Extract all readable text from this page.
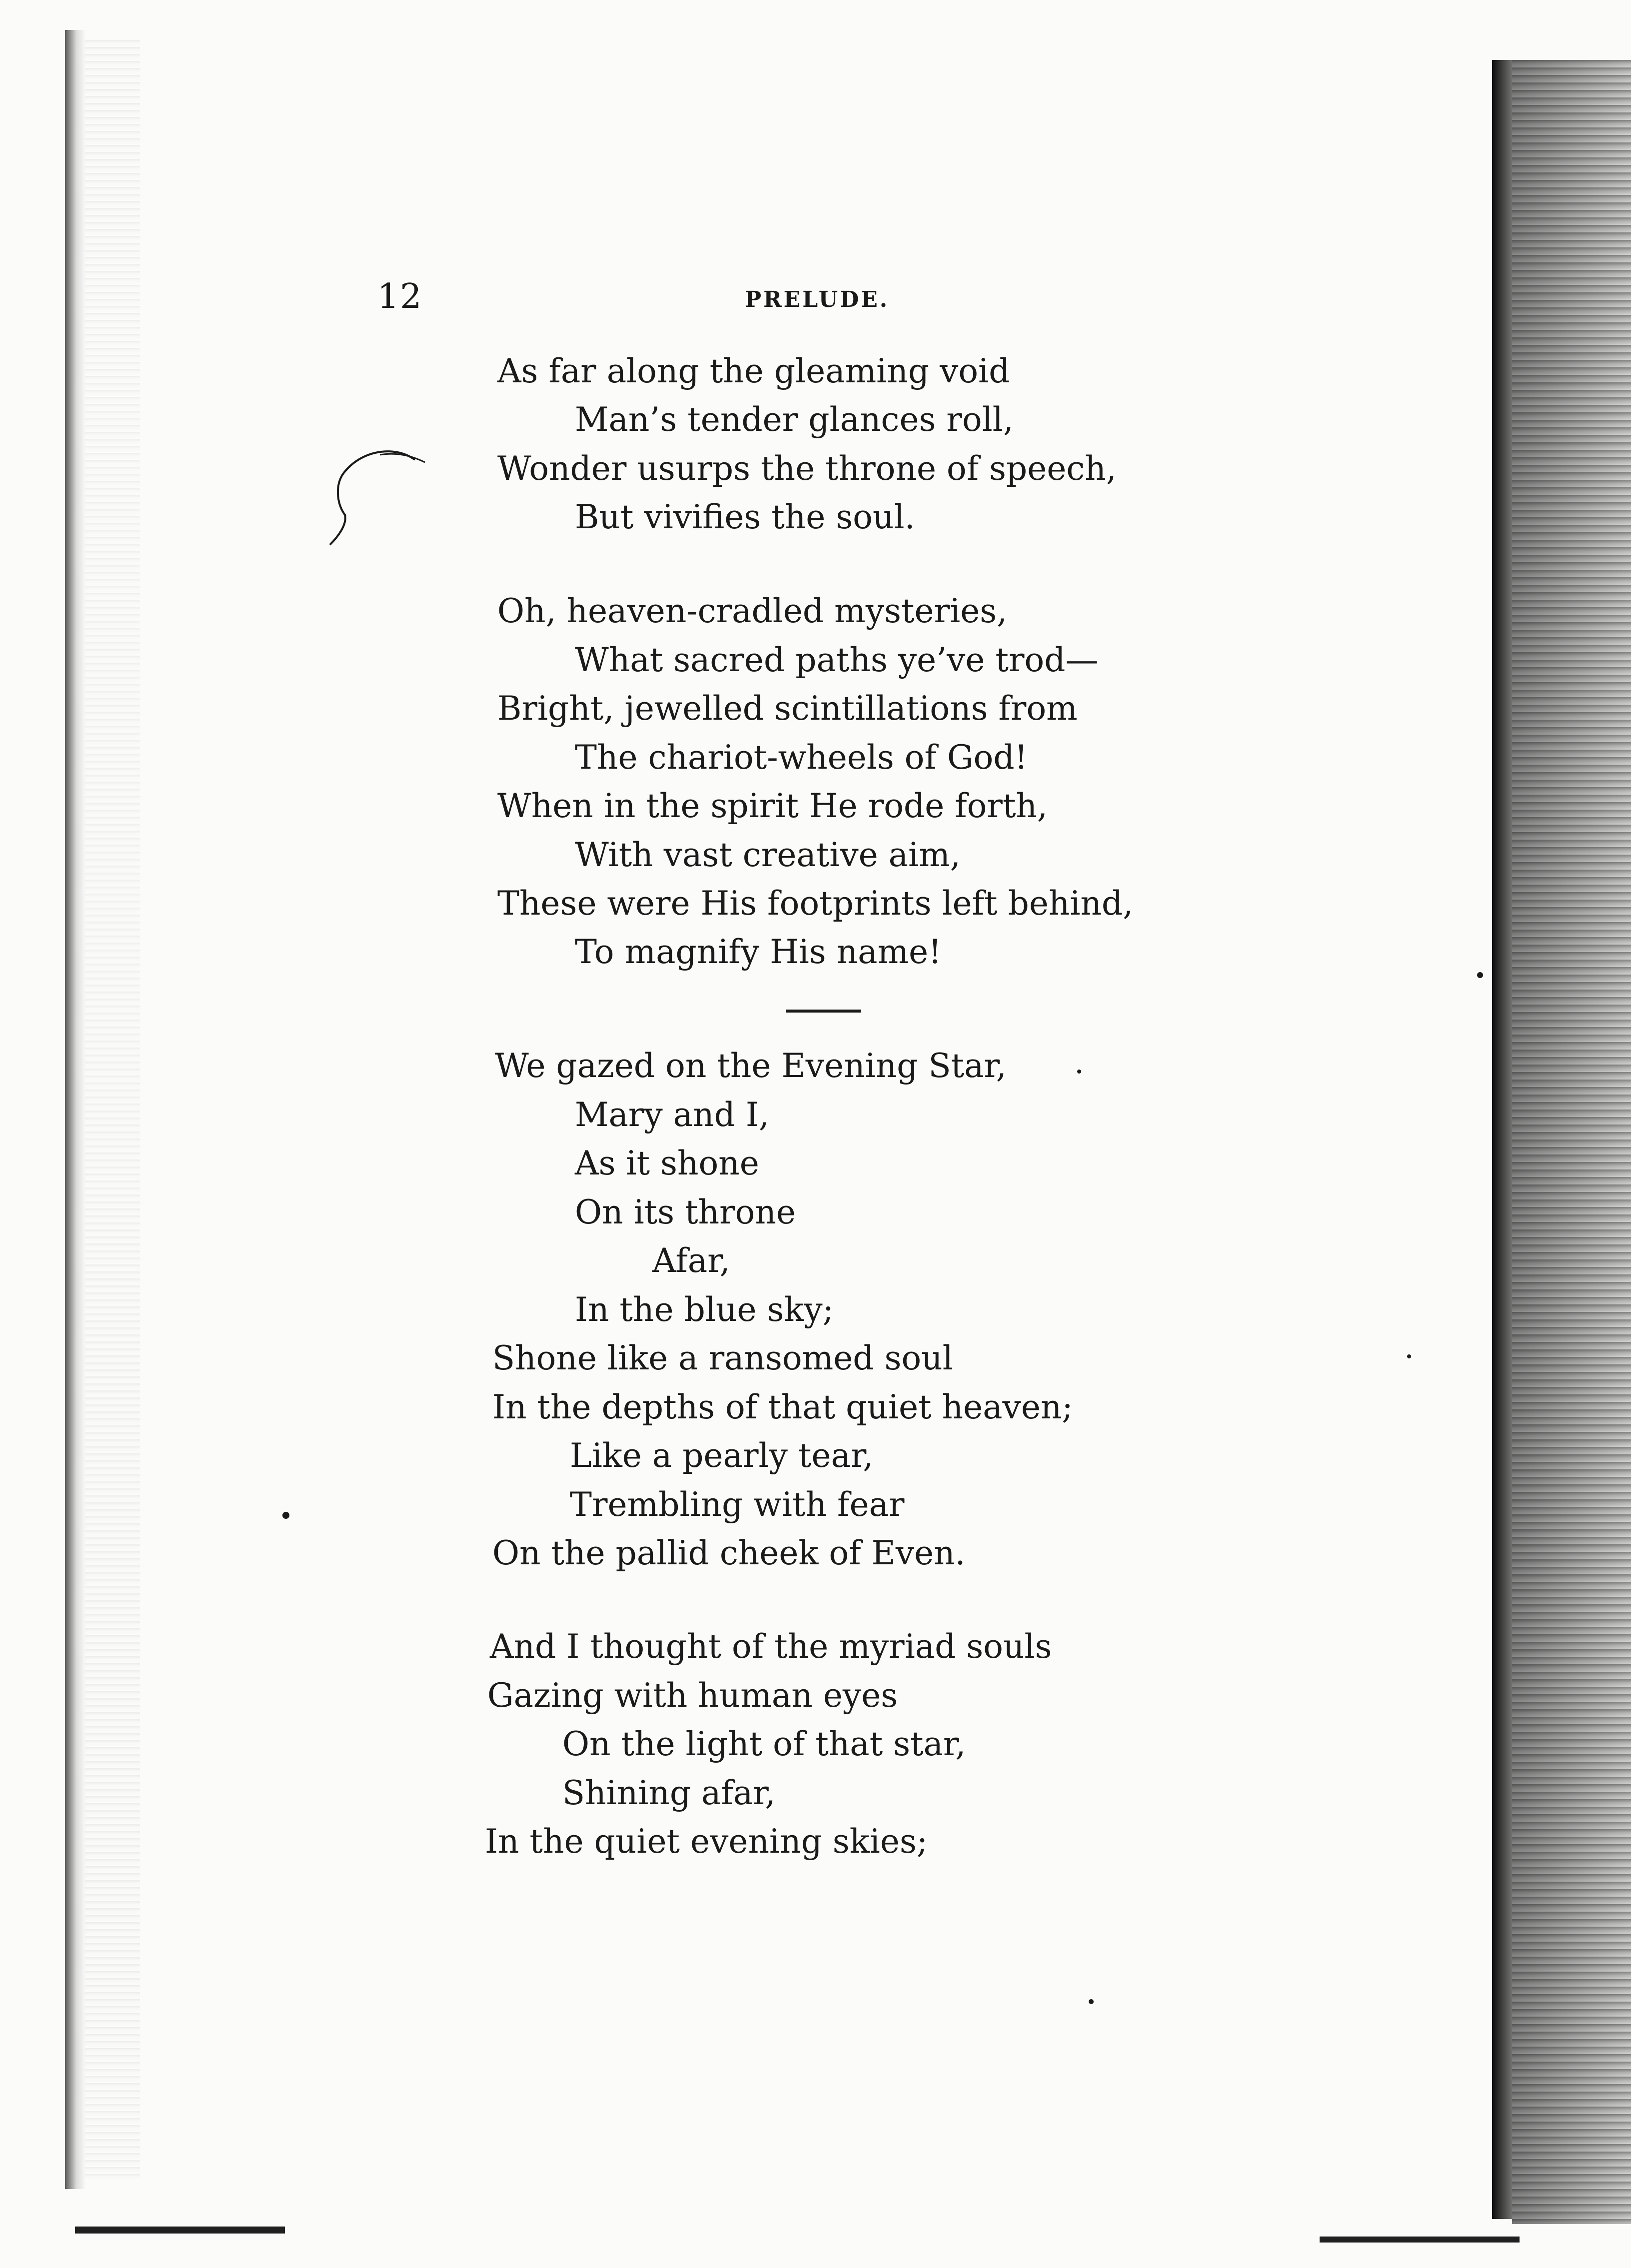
12	PRELUDE.
As far along the gleaming void
Man’s tender glances roll,
Wonder usurps the throne of speech,
But vivifies the soul.
Oh, heaven-cradled mysteries,
What sacred paths ye’ve trod—
Bright, jewelled scintillations from
The chariot-wheels of God!
When in the spirit He rode forth,
With vast creative aim,
These were His footprints left behind,
To magnify His name!
We gazed on the Evening Star,
Mary and I,
As it shone
On its throne
Afar,
In the blue sky;
Shone like a ransomed soul
In the depths of that quiet heaven;
Like a pearly tear,
Trembling with fear
On the pallid cheek of Even.
And I thought of the myriad souls
Gazing with human eyes
On the light of that star,
Shining afar,
In the quiet evening skies;
